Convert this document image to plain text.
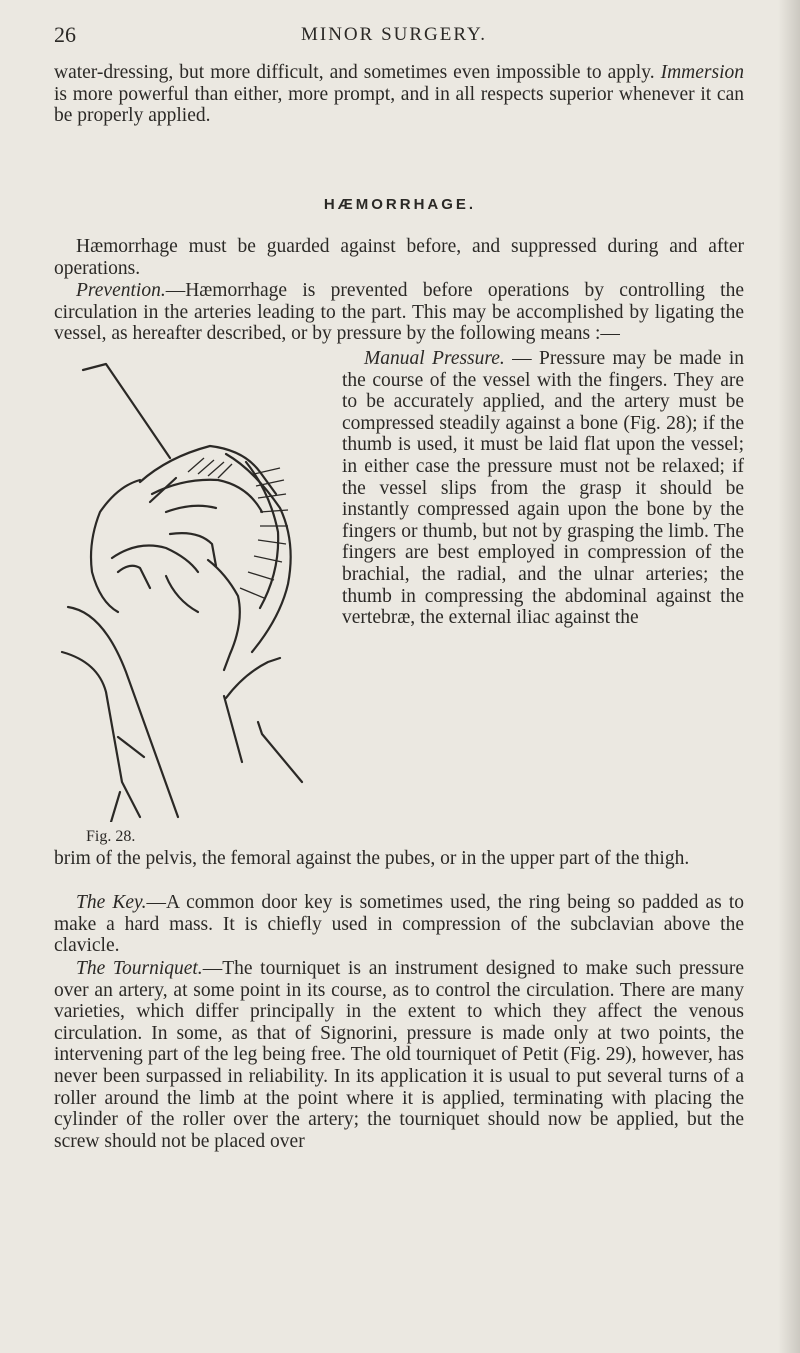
26	MINOR SURGERY.

water-dressing, but more difficult, and sometimes even impossible to apply. Immersion is more powerful than either, more prompt, and in all respects superior whenever it can be properly applied.

HÆMORRHAGE.

Hæmorrhage must be guarded against before, and suppressed during and after operations.

Prevention.—Hæmorrhage is prevented before operations by controlling the circulation in the arteries leading to the part. This may be accomplished by ligating the vessel, as hereafter described, or by pressure by the following means :—

Manual Pressure. — Pressure may be made in the course of the vessel with the fingers. They are to be accurately applied, and the artery must be compressed steadily against a bone (Fig. 28); if the thumb is used, it must be laid flat upon the vessel; in either case the pressure must not be relaxed; if the vessel slips from the grasp it should be instantly compressed again upon the bone by the fingers or thumb, but not by grasping the limb. The fingers are best employed in compression of the brachial, the radial, and the ulnar arteries; the thumb in compressing the abdominal against the vertebræ, the external iliac against the

Fig. 28.

brim of the pelvis, the femoral against the pubes, or in the upper part of the thigh.

The Key.—A common door key is sometimes used, the ring being so padded as to make a hard mass. It is chiefly used in compression of the subclavian above the clavicle.

The Tourniquet.—The tourniquet is an instrument designed to make such pressure over an artery, at some point in its course, as to control the circulation. There are many varieties, which differ principally in the extent to which they affect the venous circulation. In some, as that of Signorini, pressure is made only at two points, the intervening part of the leg being free. The old tourniquet of Petit (Fig. 29), however, has never been surpassed in reliability. In its application it is usual to put several turns of a roller around the limb at the point where it is applied, terminating with placing the cylinder of the roller over the artery; the tourniquet should now be applied, but the screw should not be placed over
